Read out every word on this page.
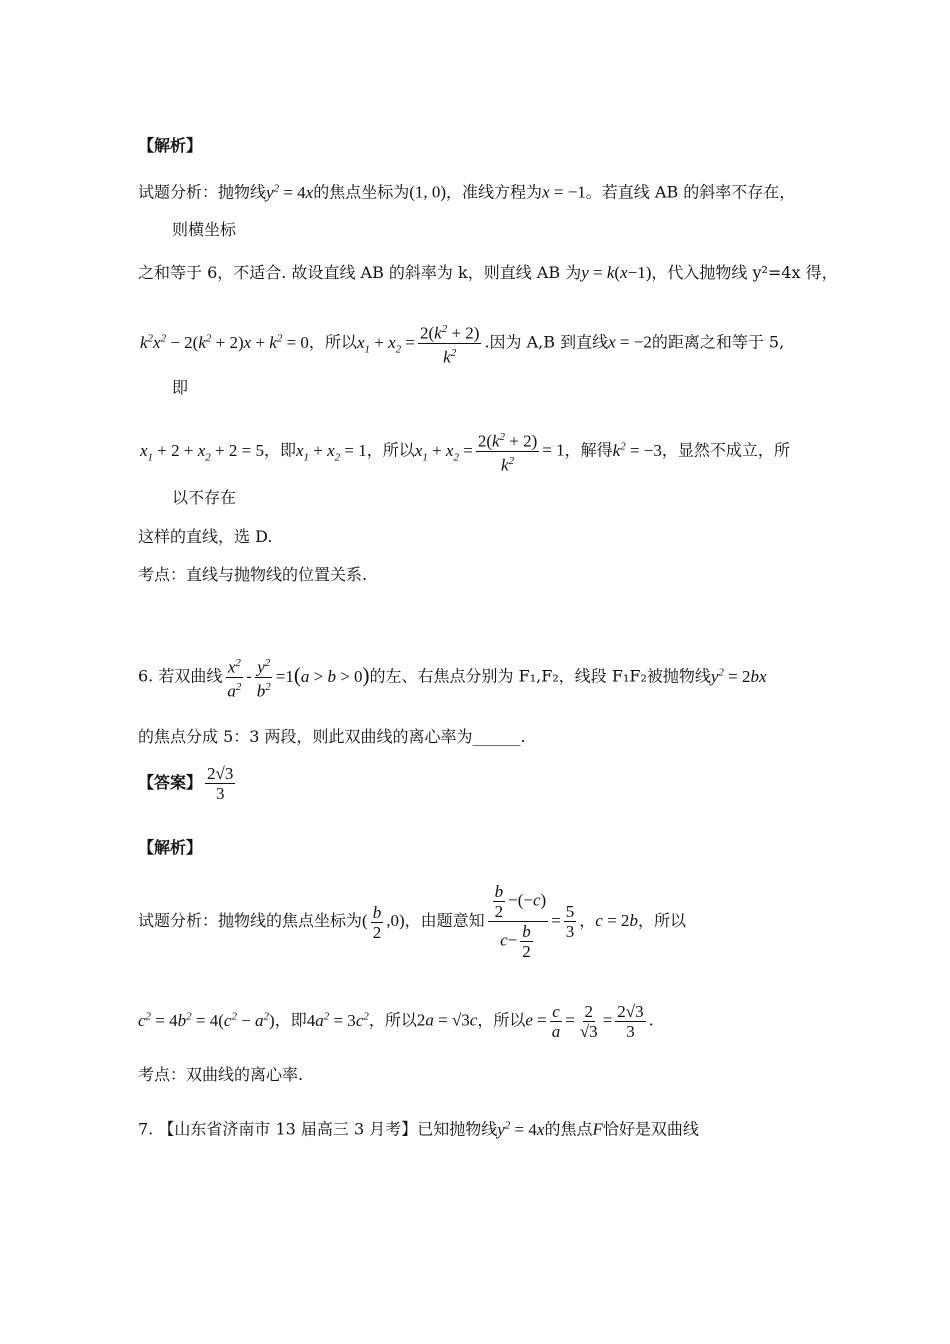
【解析】
试题分析：抛物线$y^2 = 4x$的焦点坐标为(1, 0)，准线方程为x = −1。若直线 AB 的斜率不存在，
则横坐标
之和等于 6，不适合. 故设直线 AB 的斜率为 k，则直线 AB 为y = k(x−1)，代入抛物线 y²=4x 得，
$k^2x^2 - 2(k^2 + 2)x + k^2 = 0$，所以$x_1 + x_2 = \frac{2(k^2 + 2)}{k^2}$ .因为 A,B 到直线x = −2的距离之和等于 5,
即
$x_1 + 2 + x_2 + 2 = 5$，即$x_1 + x_2 = 1$，所以$x_1 + x_2 = \frac{2(k^2 + 2)}{k^2} = 1$，解得$k^2 = -3$，显然不成立，所
以不存在
这样的直线，选 D.
考点：直线与抛物线的位置关系.
6. 若双曲线 $\frac{x^2}{a^2} - \frac{y^2}{b^2} =1(a > b > 0)$的左、右焦点分别为 F₁,F₂，线段 F₁F₂被抛物线$y^2 = 2bx$
的焦点分成 5：3 两段，则此双曲线的离心率为______.
【答案】 $\frac{2√3}{3}$
【解析】
试题分析：抛物线的焦点坐标为( $\frac{b}{2} ,0$)，由题意知 $\frac{\frac{b}{2} -(-c)}{c- \frac{b}{2}} = \frac{5}{3}$ ，c = 2b，所以
$c^2 = 4b^2 = 4(c^2 - a^2)$，即$4a^2 = 3c^2$，所以2a = √3c，所以$e = \frac{c}{a} = \frac{2}{√3} = \frac{2√3}{3}$ .
考点：双曲线的离心率.
7. 【山东省济南市 13 届高三 3 月考】已知抛物线$y^2 = 4x$的焦点F恰好是双曲线
